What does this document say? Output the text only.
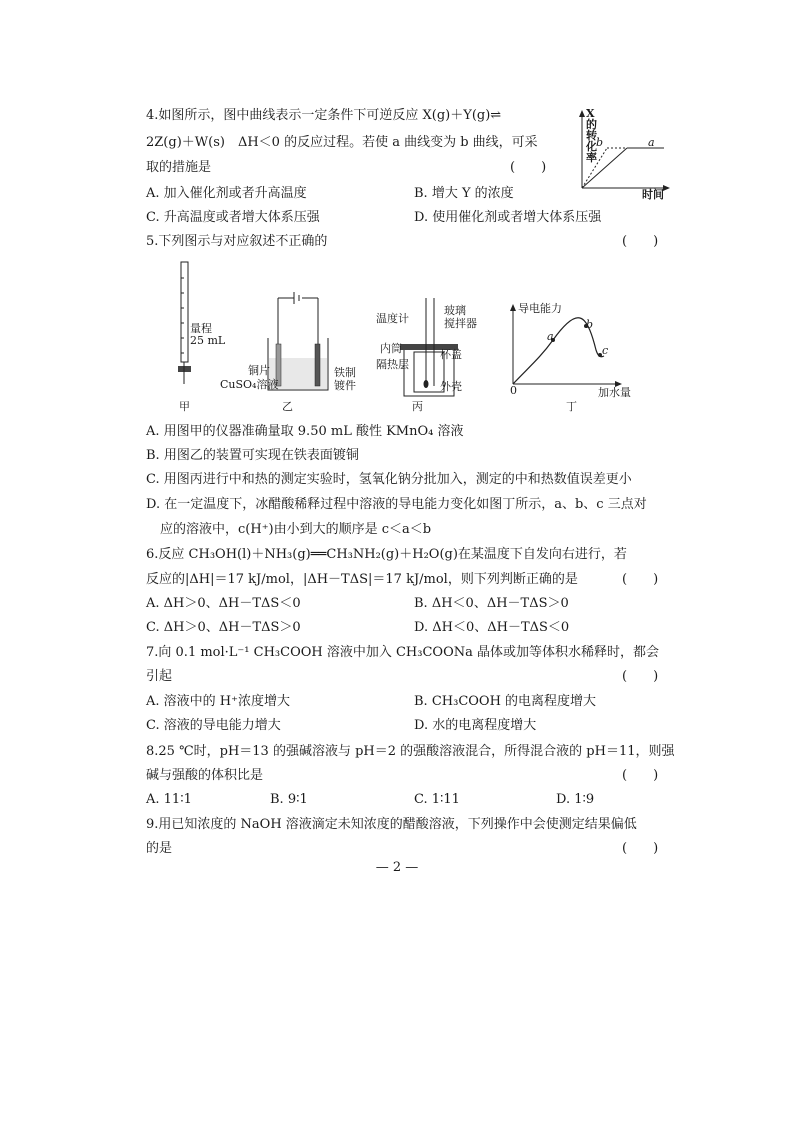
4.如图所示，图中曲线表示一定条件下可逆反应 X(g)＋Y(g)⇌
2Z(g)＋W(s)　ΔH＜0 的反应过程。若使 a 曲线变为 b 曲线，可采
取的措施是	(　　)
A. 加入催化剂或者升高温度	B. 增大 Y 的浓度
C. 升高温度或者增大体系压强	D. 使用催化剂或者增大体系压强
X的转化率
b	a
时间
5.下列图示与对应叙述不正确的	(　　)
量程
25 mL
甲
铜片
CuSO₄溶液
铁制
镀件
乙
温度计
玻璃
搅拌器
内筒	杯盖
隔热层
外壳
丙
导电能力
加水量
0
a
b
c
丁
A. 用图甲的仪器准确量取 9.50 mL 酸性 KMnO₄ 溶液
B. 用图乙的装置可实现在铁表面镀铜
C. 用图丙进行中和热的测定实验时，氢氧化钠分批加入，测定的中和热数值误差更小
D. 在一定温度下，冰醋酸稀释过程中溶液的导电能力变化如图丁所示，a、b、c 三点对
应的溶液中，c(H⁺)由小到大的顺序是 c＜a＜b
6.反应 CH₃OH(l)＋NH₃(g)══CH₃NH₂(g)＋H₂O(g)在某温度下自发向右进行，若
反应的|ΔH|＝17 kJ/mol，|ΔH－TΔS|＝17 kJ/mol，则下列判断正确的是	(　　)
A. ΔH＞0、ΔH－TΔS＜0	B. ΔH＜0、ΔH－TΔS＞0
C. ΔH＞0、ΔH－TΔS＞0	D. ΔH＜0、ΔH－TΔS＜0
7.向 0.1 mol·L⁻¹ CH₃COOH 溶液中加入 CH₃COONa 晶体或加等体积水稀释时，都会
引起	(　　)
A. 溶液中的 H⁺浓度增大	B. CH₃COOH 的电离程度增大
C. 溶液的导电能力增大	D. 水的电离程度增大
8.25 ℃时，pH＝13 的强碱溶液与 pH＝2 的强酸溶液混合，所得混合液的 pH＝11，则强
碱与强酸的体积比是	(　　)
A. 11∶1	B. 9∶1	C. 1∶11	D. 1∶9
9.用已知浓度的 NaOH 溶液滴定未知浓度的醋酸溶液，下列操作中会使测定结果偏低
的是	(　　)
— 2 —
